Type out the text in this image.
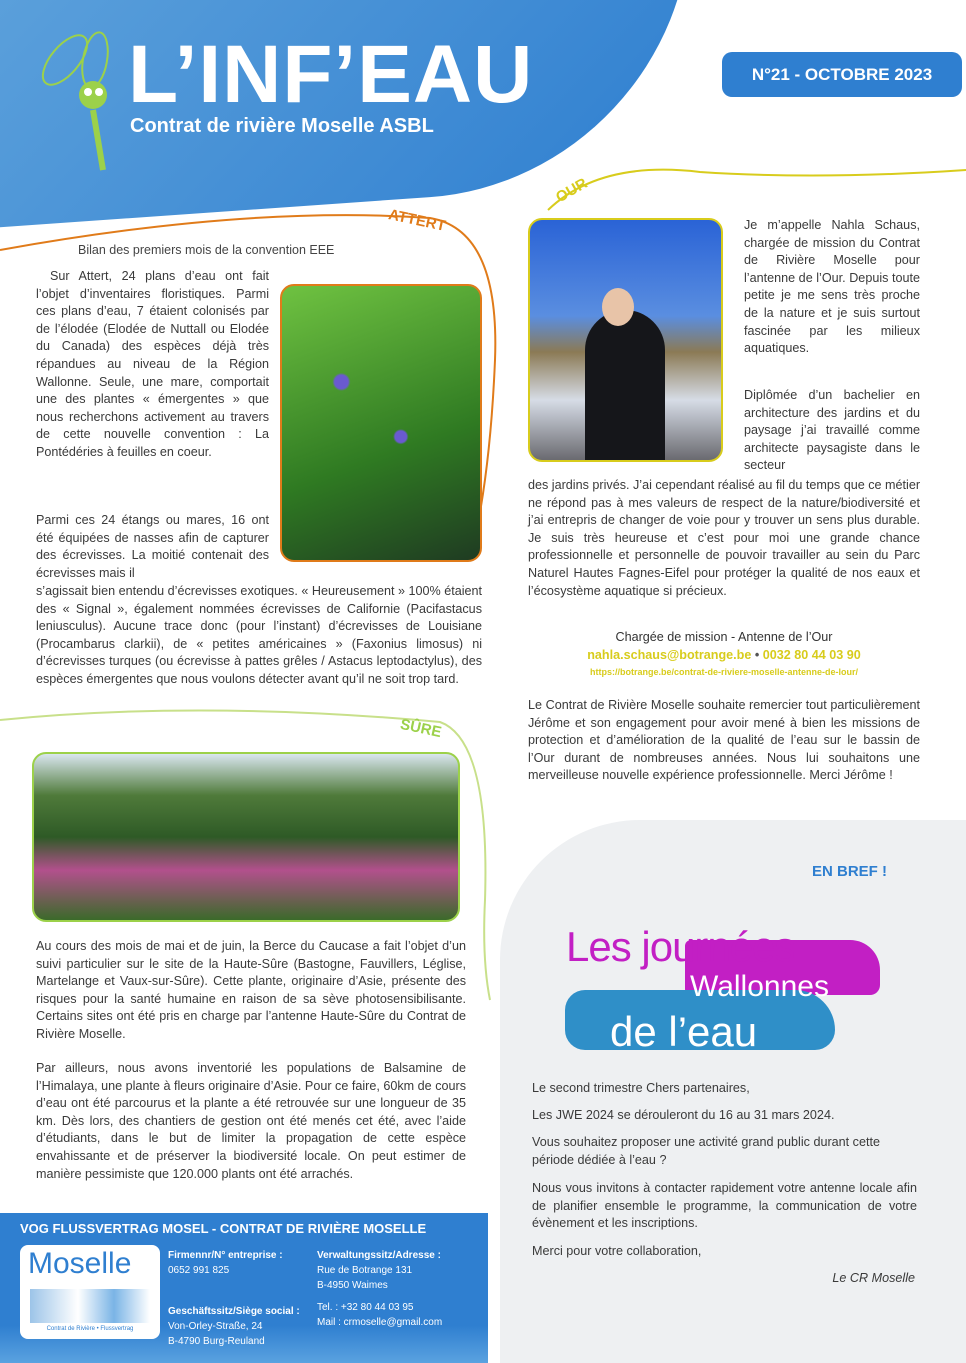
L’INF’EAU
Contrat de rivière Moselle ASBL
N°21 - OCTOBRE 2023
ATTERT
Bilan des premiers mois de la convention EEE
Sur Attert, 24 plans d’eau ont fait l’objet d’inventaires floristiques. Parmi ces plans d’eau, 7 étaient colonisés par de l’élodée (Elodée de Nuttall ou Elodée du Canada) des espèces déjà très répandues au niveau de la Région Wallonne. Seule, une mare, comportait une des plantes « émergentes » que nous recherchons activement au travers de cette nouvelle convention : La Pontédéries à feuilles en coeur.
Parmi ces 24 étangs ou mares, 16 ont été équipées de nasses afin de capturer des écrevisses. La moitié contenait des écrevisses mais il
s’agissait bien entendu d’écrevisses exotiques. « Heureusement » 100% étaient des « Signal », également nommées écrevisses de Californie (Pacifastacus leniusculus). Aucune trace donc (pour l’instant) d’écrevisses de Louisiane (Procambarus clarkii), de « petites américaines » (Faxonius limosus) ni d’écrevisses turques (ou écrevisse à pattes grêles / Astacus leptodactylus), des espèces émergentes que nous voulons détecter avant qu’il ne soit trop tard.
OUR
Je m’appelle Nahla Schaus, chargée de mission du Contrat de Rivière Moselle pour l’antenne de l’Our. Depuis toute petite je me sens très proche de la nature et je suis surtout fascinée par les milieux aquatiques.
Diplômée d’un bachelier en architecture des jardins et du paysage j’ai travaillé comme architecte paysagiste dans le secteur
des jardins privés. J’ai cependant réalisé au fil du temps que ce métier ne répond pas à mes valeurs de respect de la nature/biodiversité et j’ai entrepris de changer de voie pour y trouver un sens plus durable. Je suis très heureuse et c’est pour moi une grande chance professionnelle et personnelle de pouvoir travailler au sein du Parc Naturel Hautes Fagnes-Eifel pour protéger la qualité de nos eaux et l’écosystème aquatique si précieux.
Chargée de mission - Antenne de l’Our
nahla.schaus@botrange.be • 0032 80 44 03 90
https://botrange.be/contrat-de-riviere-moselle-antenne-de-lour/
Le Contrat de Rivière Moselle souhaite remercier tout particulièrement Jérôme et son engagement pour avoir mené à bien les missions de protection et d’amélioration de la qualité de l’eau sur le bassin de l’Our durant de nombreuses années. Nous lui souhaitons une merveilleuse nouvelle expérience professionnelle. Merci Jérôme !
SÛRE
Au cours des mois de mai et de juin, la Berce du Caucase a fait l’objet d’un suivi particulier sur le site de la Haute-Sûre (Bastogne, Fauvillers, Léglise, Martelange et Vaux-sur-Sûre). Cette plante, originaire d’Asie, présente des risques pour la santé humaine en raison de sa sève photosensibilisante. Certains sites ont été pris en charge par l’antenne Haute-Sûre du Contrat de Rivière Moselle.
Par ailleurs, nous avons inventorié les populations de Balsamine de l’Himalaya, une plante à fleurs originaire d’Asie. Pour ce faire, 60km de cours d’eau ont été parcourus et la plante a été retrouvée sur une longueur de 35 km. Dès lors, des chantiers de gestion ont été menés cet été, avec l’aide d’étudiants, dans le but de limiter la propagation de cette espèce envahissante et de préserver la biodiversité locale. On peut estimer de manière pessimiste que 120.000 plants ont été arrachés.
EN BREF !
Les journées
Wallonnes
de l’eau
Le second trimestre Chers partenaires,
Les JWE 2024 se dérouleront du 16 au 31 mars 2024.
Vous souhaitez proposer une activité grand public durant cette période dédiée à l’eau ?
Nous vous invitons à contacter rapidement votre antenne locale afin de planifier ensemble le programme, la communication de votre évènement et les inscriptions.
Merci pour votre collaboration,
Le CR Moselle
VOG FLUSSVERTRAG MOSEL - CONTRAT DE RIVIÈRE MOSELLE
Moselle
Contrat de Rivière • Flussvertrag
Firmennr/N° entreprise :
0652 991 825
Geschäftssitz/Siège social :
Von-Orley-Straße, 24
B-4790 Burg-Reuland
Verwaltungssitz/Adresse :
Rue de Botrange 131
B-4950 Waimes
Tel. : +32 80 44 03 95
Mail : crmoselle@gmail.com
